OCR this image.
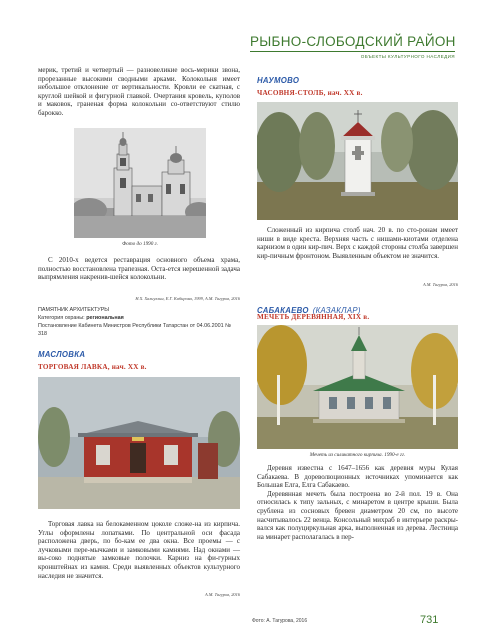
РЫБНО-СЛОБОДСКИЙ РАЙОН
ОБЪЕКТЫ КУЛЬТУРНОГО НАСЛЕДИЯ
мерик, третий и четвертый — разновеликие вось-мерики звона, прорезанные высокими сводными арками. Колокольня имеет небольшое отклонение от вертикальности. Кровли ее скатная, с круглой шейкой и фигурной главкой. Очертания кровель, куполов и маковок, граненая форма колокольни со-ответствуют стилю барокко.
Фото до 1990 г.
С 2010-х ведется реставрация основного объема храма, полностью восстановлена трапезная. Оста-ется нерешенной задача выпрямления накренив-шейся колокольни.
Н.Х. Халиуллин, Е.Г. Кабирова, 1999, А.М. Тагуров, 2016
ПАМЯТНИК АРХИТЕКТУРЫ
Категория охраны: региональная
Постановление Кабинета Министров Республики Татарстан от 04.06.2001 № 318
МАСЛОВКА
ТОРГОВАЯ ЛАВКА, нач. XX в.
Торговая лавка на белокаменном цоколе сложе-на из кирпича. Углы оформлены лопатками. По центральной оси фасада расположена дверь, по бо-кам ее два окна. Все проемы — с лучковыми пере-мычками и замковыми камнями. Над окнами — вы-соко поднятые замковые полочки. Карниз на фи-гурных кронштейнах из камня. Среди выявленных объектов культурного наследия не значится.
А.М. Тагуров, 2016
НАУМОВО
ЧАСОВНЯ-СТОЛБ, нач. XX в.
Сложенный из кирпича столб нач. 20 в. по сто-ронам имеет ниши в виде креста. Верхняя часть с нишами-киотами отделена карнизом в один кир-пич. Верх с каждой стороны столба завершен кир-пичным фронтоном. Выявленным объектом не значится.
А.М. Тагуров, 2016
САБАКАЕВО (КАЗАКЛАР)
МЕЧЕТЬ ДЕРЕВЯННАЯ, XIX в.
Мечеть из силикатного кирпича. 1990-е гг.
Деревня известна с 1647–1656 как деревня муры Кулая Сабакаева. В дореволюционных источниках упоминается как Большая Елга, Елга Сабакаево.
Деревянная мечеть была построена во 2-й пол. 19 в. Она относилась к типу зальных, с минаретом в центре крыши. Была срублена из сосновых бревен диаметром 20 см, по высоте насчитывалось 22 венца. Консольный михраб в интерьере раскры-вался как полуциркульная арка, выполненная из дерева. Лестница на минарет располагалась в пер-
Фото: А. Тагурова, 2016	731
